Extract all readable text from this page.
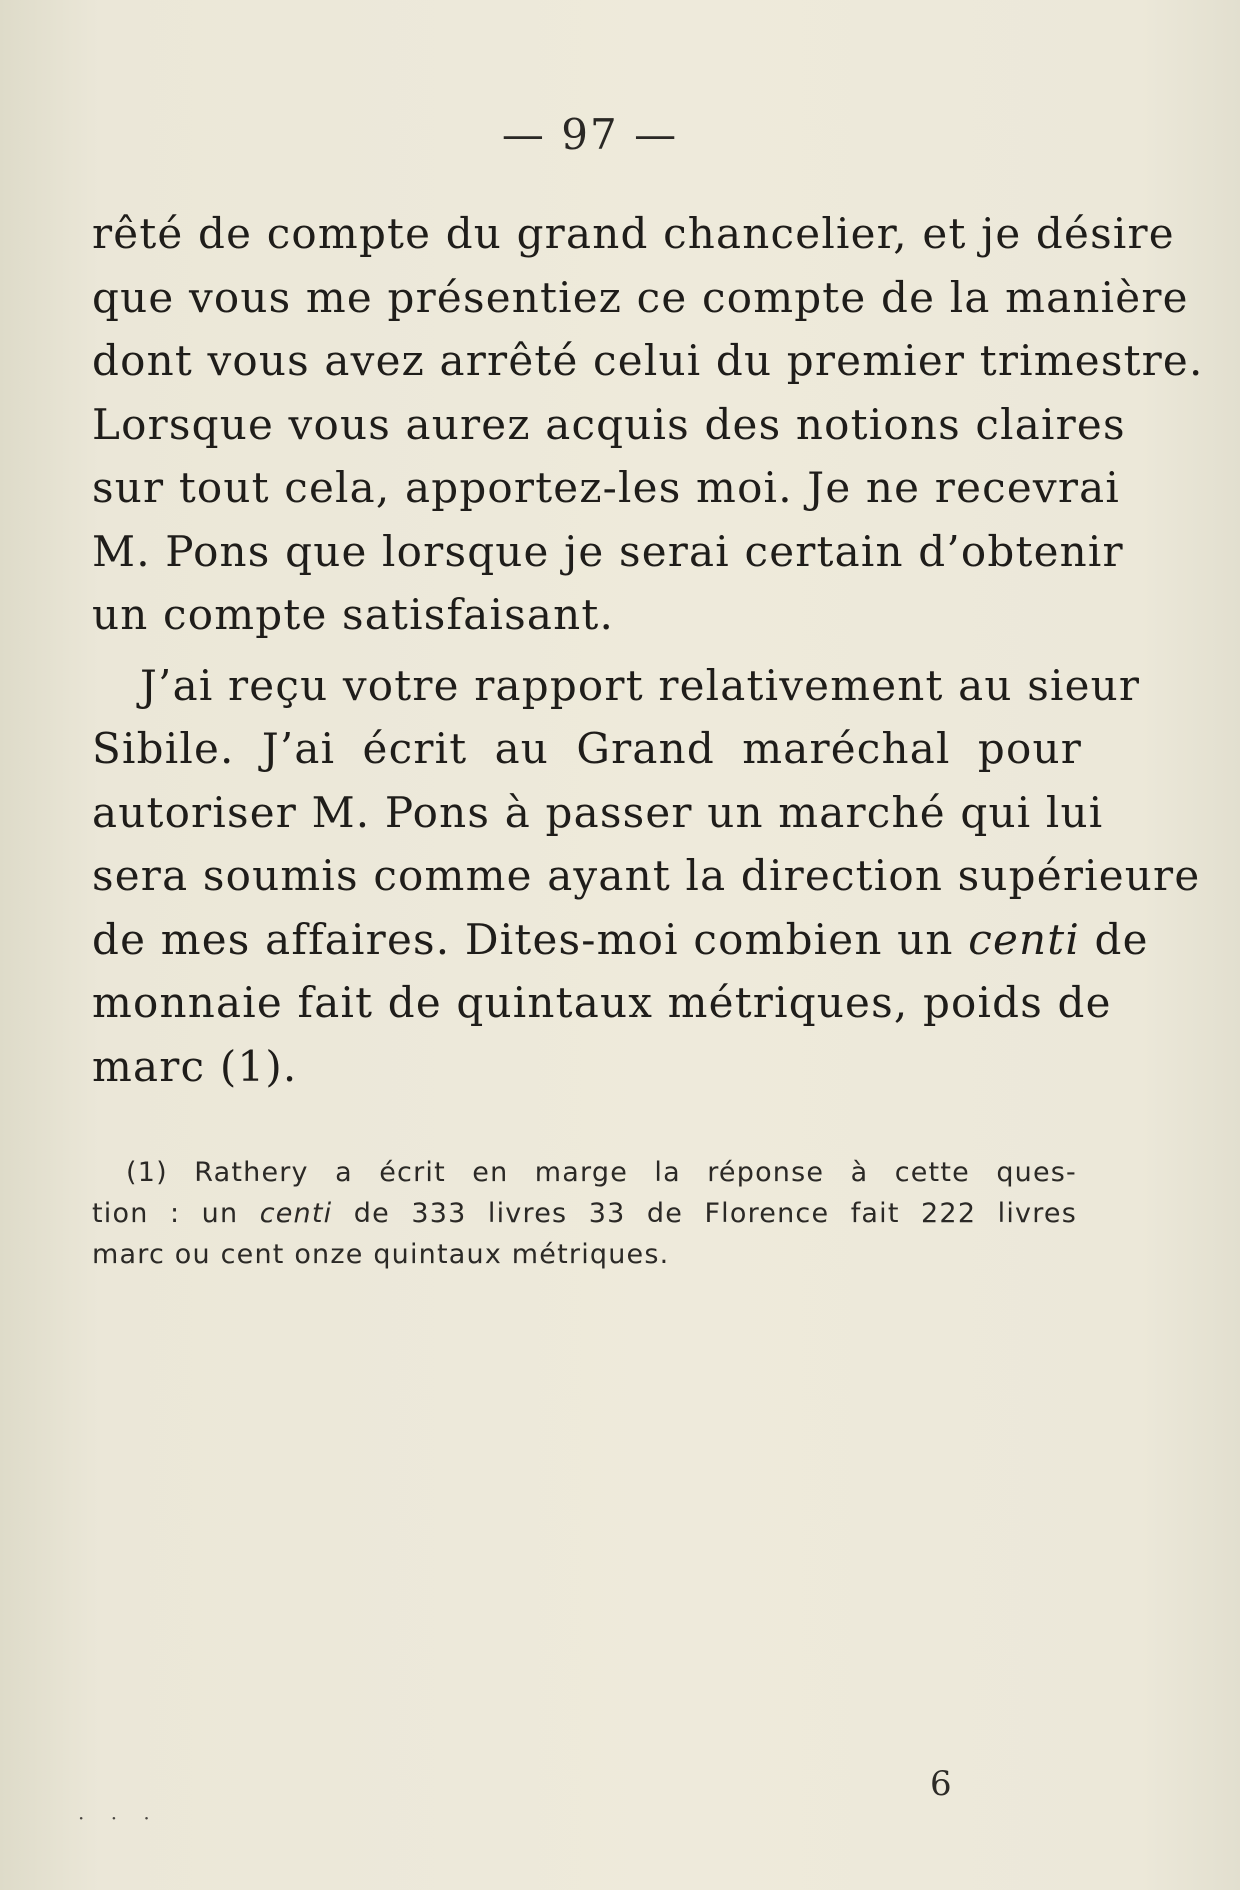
— 97 —

rêté de compte du grand chancelier, et je désire
que vous me présentiez ce compte de la manière
dont vous avez arrêté celui du premier trimestre.
Lorsque vous aurez acquis des notions claires
sur tout cela, apportez-les moi. Je ne recevrai
M. Pons que lorsque je serai certain d’obtenir
un compte satisfaisant.

J’ai reçu votre rapport relativement au sieur
Sibile. J’ai écrit au Grand maréchal pour
autoriser M. Pons à passer un marché qui lui
sera soumis comme ayant la direction supérieure
de mes affaires. Dites-moi combien un centi de
monnaie fait de quintaux métriques, poids de
marc (1).

(1) Rathery a écrit en marge la réponse à cette ques-
tion : un centi de 333 livres 33 de Florence fait 222 livres
marc ou cent onze quintaux métriques.
6
· · ·
